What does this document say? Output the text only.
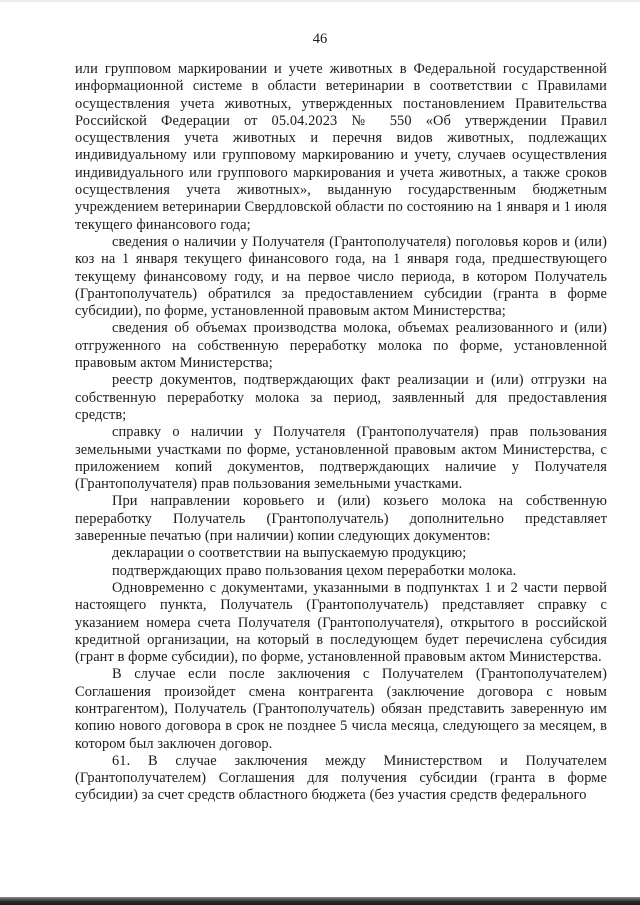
46

или групповом маркировании и учете животных в Федеральной государственной информационной системе в области ветеринарии в соответствии с Правилами осуществления учета животных, утвержденных постановлением Правительства Российской Федерации от 05.04.2023 № 550 «Об утверждении Правил осуществления учета животных и перечня видов животных, подлежащих индивидуальному или групповому маркированию и учету, случаев осуществления индивидуального или группового маркирования и учета животных, а также сроков осуществления учета животных», выданную государственным бюджетным учреждением ветеринарии Свердловской области по состоянию на 1 января и 1 июля текущего финансового года;

сведения о наличии у Получателя (Грантополучателя) поголовья коров и (или) коз на 1 января текущего финансового года, на 1 января года, предшествующего текущему финансовому году, и на первое число периода, в котором Получатель (Грантополучатель) обратился за предоставлением субсидии (гранта в форме субсидии), по форме, установленной правовым актом Министерства;

сведения об объемах производства молока, объемах реализованного и (или) отгруженного на собственную переработку молока по форме, установленной правовым актом Министерства;

реестр документов, подтверждающих факт реализации и (или) отгрузки на собственную переработку молока за период, заявленный для предоставления средств;

справку о наличии у Получателя (Грантополучателя) прав пользования земельными участками по форме, установленной правовым актом Министерства, с приложением копий документов, подтверждающих наличие у Получателя (Грантополучателя) прав пользования земельными участками.

При направлении коровьего и (или) козьего молока на собственную переработку Получатель (Грантополучатель) дополнительно представляет заверенные печатью (при наличии) копии следующих документов:

декларации о соответствии на выпускаемую продукцию;

подтверждающих право пользования цехом переработки молока.

Одновременно с документами, указанными в подпунктах 1 и 2 части первой настоящего пункта, Получатель (Грантополучатель) представляет справку с указанием номера счета Получателя (Грантополучателя), открытого в российской кредитной организации, на который в последующем будет перечислена субсидия (грант в форме субсидии), по форме, установленной правовым актом Министерства.

В случае если после заключения с Получателем (Грантополучателем) Соглашения произойдет смена контрагента (заключение договора с новым контрагентом), Получатель (Грантополучатель) обязан представить заверенную им копию нового договора в срок не позднее 5 числа месяца, следующего за месяцем, в котором был заключен договор.

61. В случае заключения между Министерством и Получателем (Грантополучателем) Соглашения для получения субсидии (гранта в форме субсидии) за счет средств областного бюджета (без участия средств федерального
